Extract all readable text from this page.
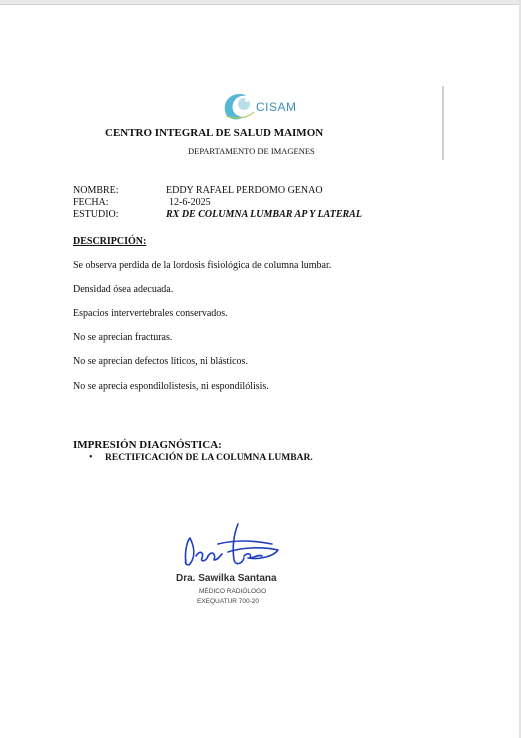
CISAM
CENTRO INTEGRAL DE SALUD MAIMON
DEPARTAMENTO DE IMAGENES
NOMBRE:	EDDY RAFAEL PERDOMO GENAO
FECHA:	12-6-2025
ESTUDIO:	RX DE COLUMNA LUMBAR AP Y LATERAL
DESCRIPCIÓN:
Se observa perdida de la lordosis fisiológica de columna lumbar.
Densidad ósea adecuada.
Espacios intervertebrales conservados.
No se aprecian fracturas.
No se aprecian defectos líticos, ni blásticos.
No se aprecia espondilolistesis, ni espondilólisis.
IMPRESIÓN DIAGNÓSTICA:
• RECTIFICACIÓN DE LA COLUMNA LUMBAR.
Dra. Sawilka Santana
MÉDICO RADIÓLOGO
EXEQUATUR 700-20
